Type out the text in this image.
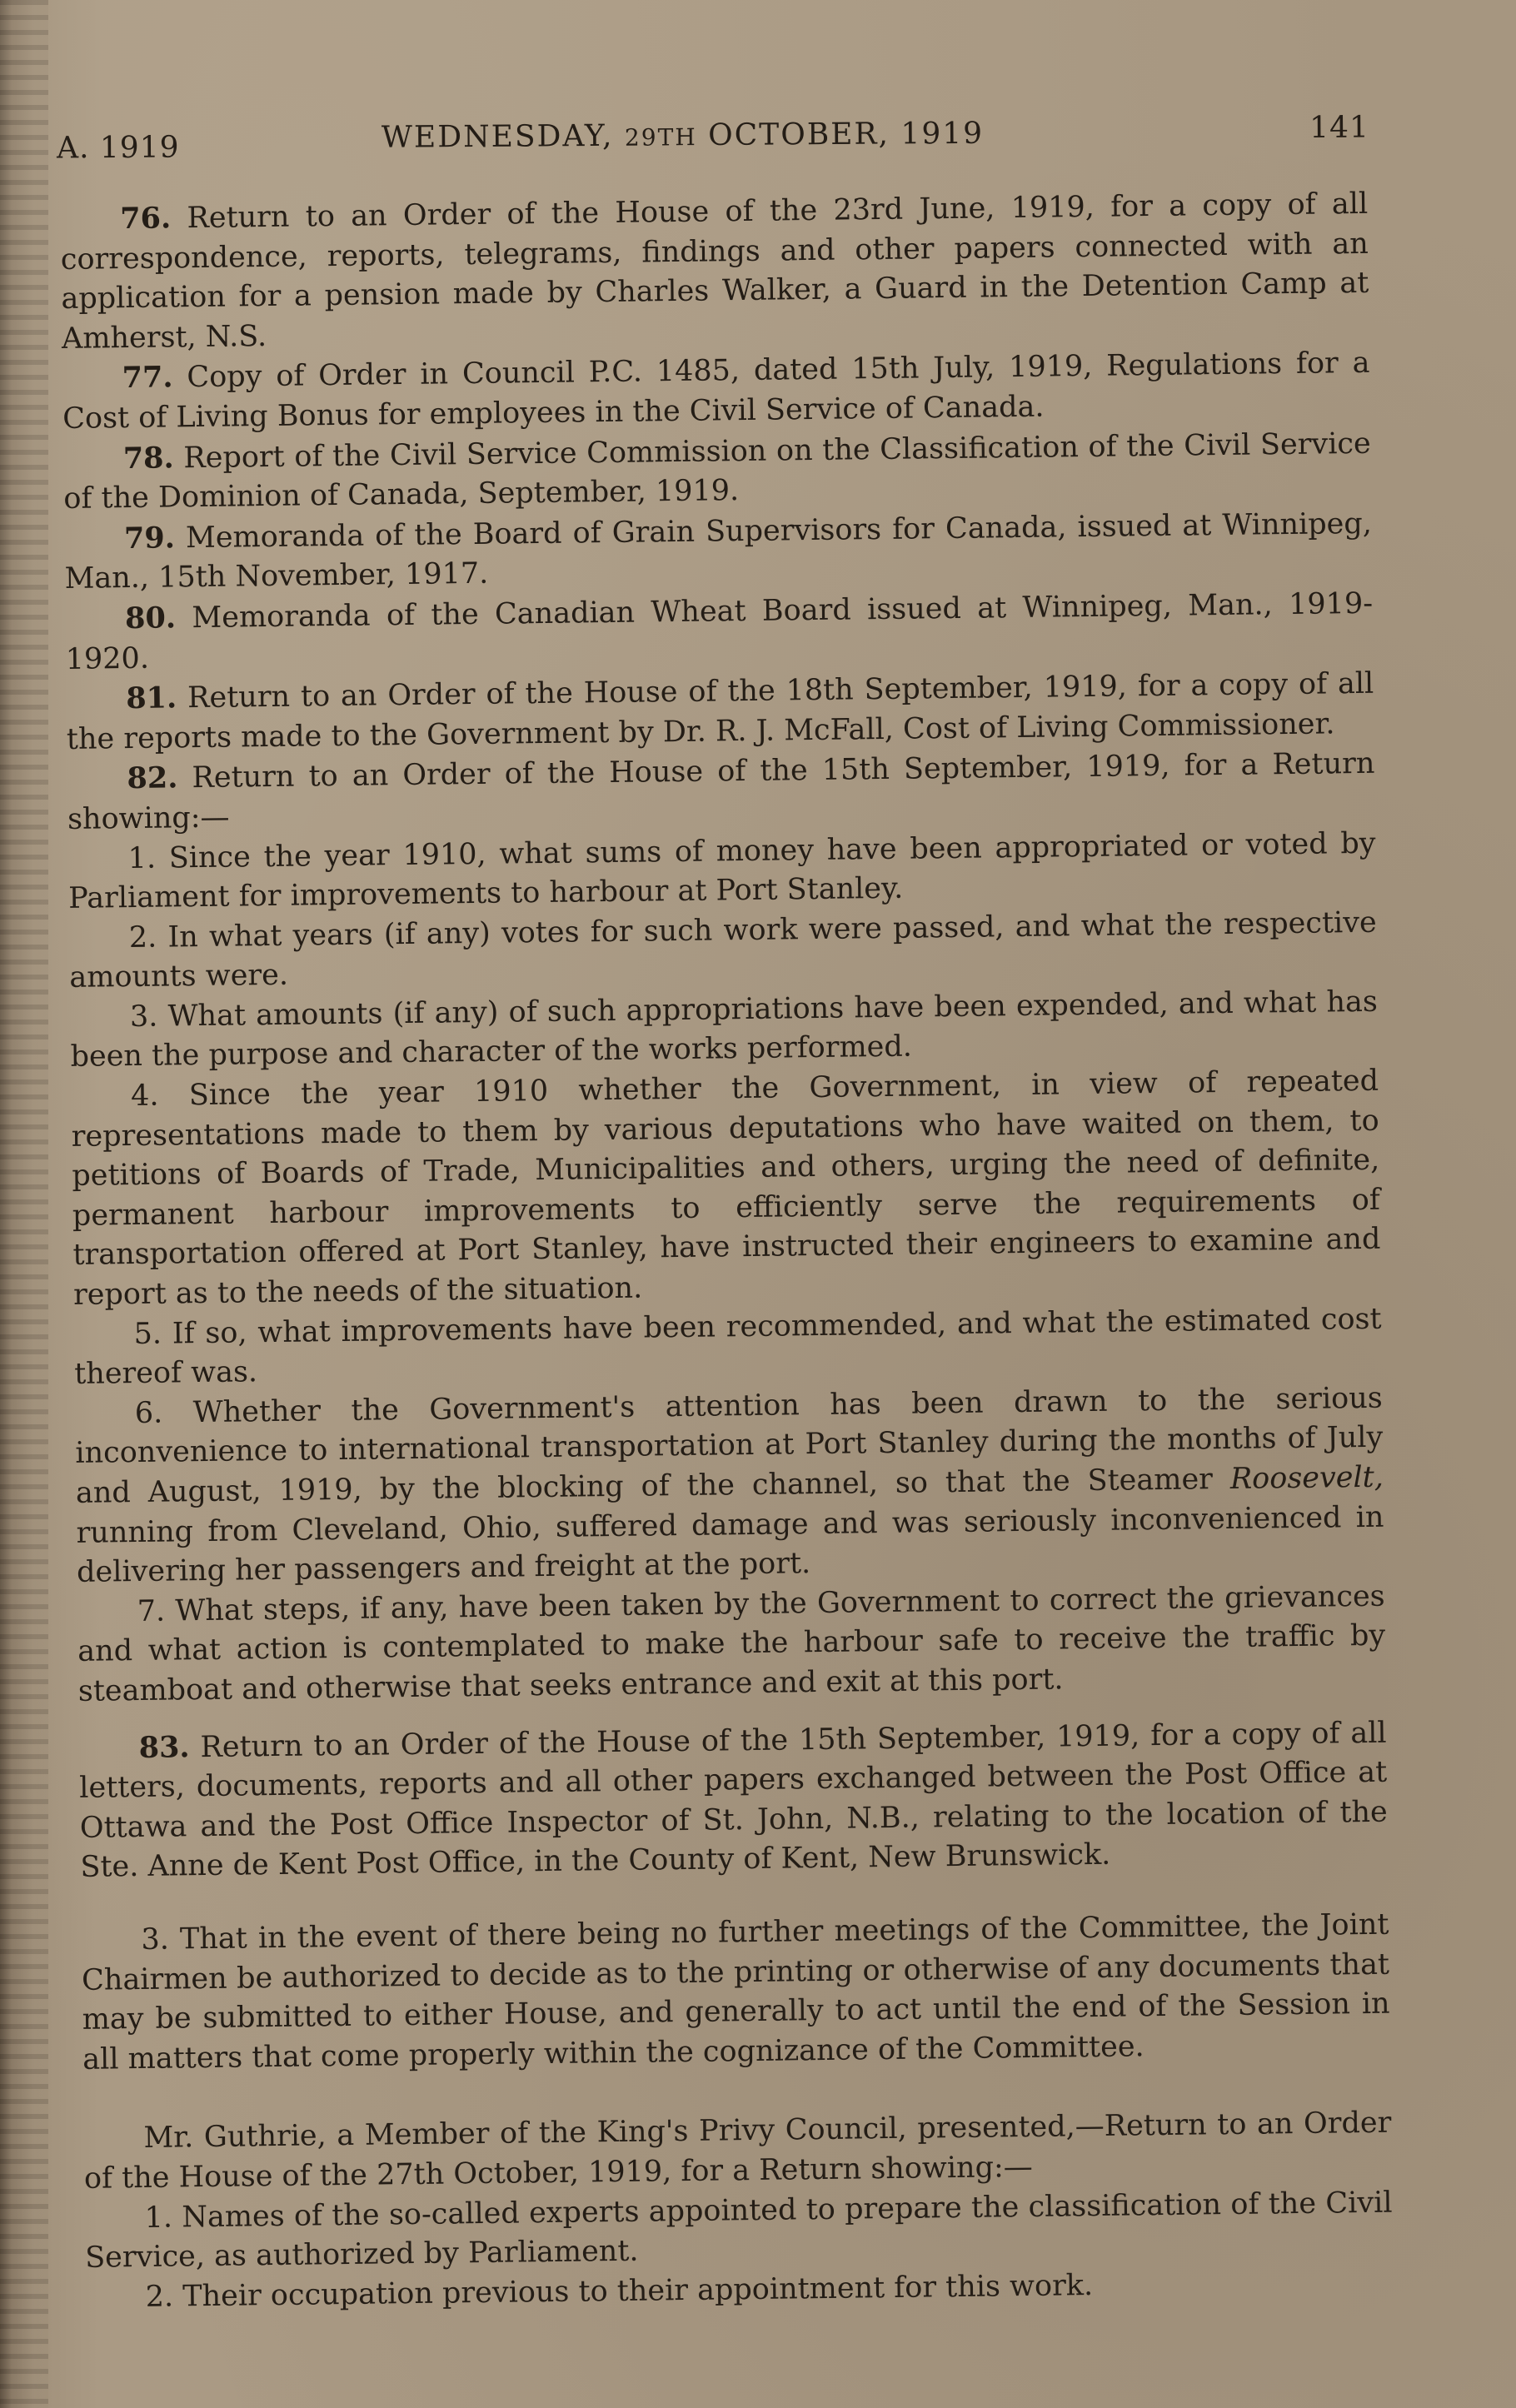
A. 1919	WEDNESDAY, 29TH OCTOBER, 1919	141

76. Return to an Order of the House of the 23rd June, 1919, for a copy of all correspondence, reports, telegrams, findings and other papers connected with an application for a pension made by Charles Walker, a Guard in the Detention Camp at Amherst, N.S.

77. Copy of Order in Council P.C. 1485, dated 15th July, 1919, Regulations for a Cost of Living Bonus for employees in the Civil Service of Canada.

78. Report of the Civil Service Commission on the Classification of the Civil Service of the Dominion of Canada, September, 1919.

79. Memoranda of the Board of Grain Supervisors for Canada, issued at Winnipeg, Man., 15th November, 1917.

80. Memoranda of the Canadian Wheat Board issued at Winnipeg, Man., 1919-1920.

81. Return to an Order of the House of the 18th September, 1919, for a copy of all the reports made to the Government by Dr. R. J. McFall, Cost of Living Commissioner.

82. Return to an Order of the House of the 15th September, 1919, for a Return showing:—

1. Since the year 1910, what sums of money have been appropriated or voted by Parliament for improvements to harbour at Port Stanley.

2. In what years (if any) votes for such work were passed, and what the respective amounts were.

3. What amounts (if any) of such appropriations have been expended, and what has been the purpose and character of the works performed.

4. Since the year 1910 whether the Government, in view of repeated representations made to them by various deputations who have waited on them, to petitions of Boards of Trade, Municipalities and others, urging the need of definite, permanent harbour improvements to efficiently serve the requirements of transportation offered at Port Stanley, have instructed their engineers to examine and report as to the needs of the situation.

5. If so, what improvements have been recommended, and what the estimated cost thereof was.

6. Whether the Government's attention has been drawn to the serious inconvenience to international transportation at Port Stanley during the months of July and August, 1919, by the blocking of the channel, so that the Steamer Roosevelt, running from Cleveland, Ohio, suffered damage and was seriously inconvenienced in delivering her passengers and freight at the port.

7. What steps, if any, have been taken by the Government to correct the grievances and what action is contemplated to make the harbour safe to receive the traffic by steamboat and otherwise that seeks entrance and exit at this port.

83. Return to an Order of the House of the 15th September, 1919, for a copy of all letters, documents, reports and all other papers exchanged between the Post Office at Ottawa and the Post Office Inspector of St. John, N.B., relating to the location of the Ste. Anne de Kent Post Office, in the County of Kent, New Brunswick.

3. That in the event of there being no further meetings of the Committee, the Joint Chairmen be authorized to decide as to the printing or otherwise of any documents that may be submitted to either House, and generally to act until the end of the Session in all matters that come properly within the cognizance of the Committee.

Mr. Guthrie, a Member of the King's Privy Council, presented,—Return to an Order of the House of the 27th October, 1919, for a Return showing:—

1. Names of the so-called experts appointed to prepare the classification of the Civil Service, as authorized by Parliament.

2. Their occupation previous to their appointment for this work.
